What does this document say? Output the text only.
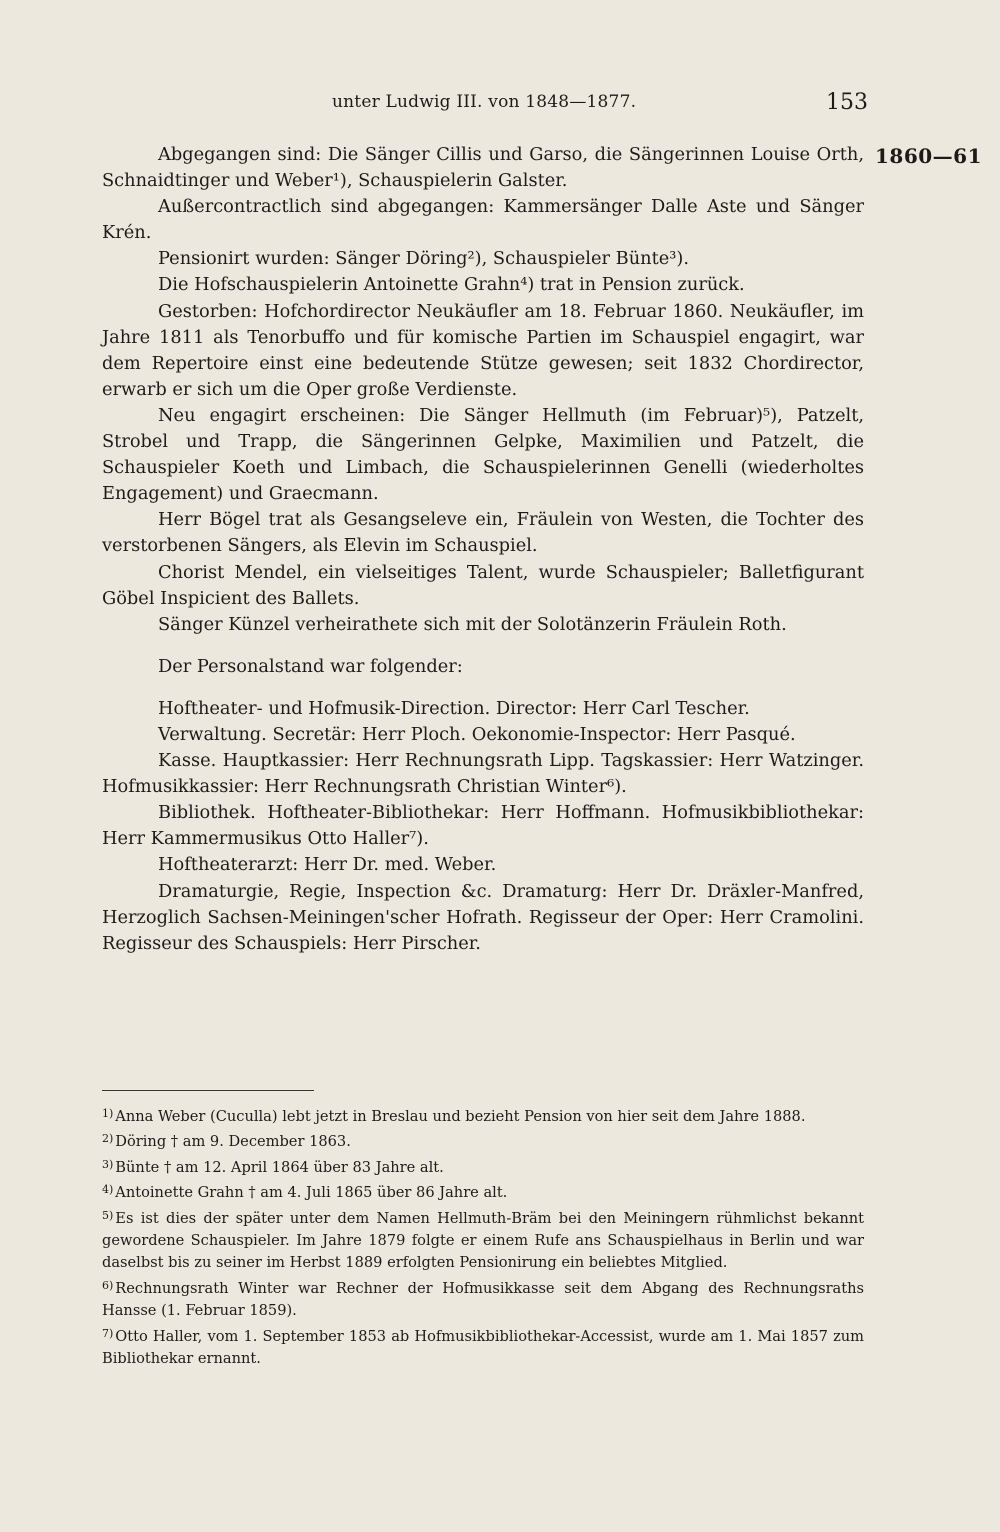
unter Ludwig III. von 1848—1877.	153
1860—61

Abgegangen sind: Die Sänger Cillis und Garso, die Sängerinnen Louise Orth, Schnaidtinger und Weber¹), Schauspielerin Galster.

Außercontractlich sind abgegangen: Kammersänger Dalle Aste und Sänger Krén.

Pensionirt wurden: Sänger Döring²), Schauspieler Bünte³).

Die Hofschauspielerin Antoinette Grahn⁴) trat in Pension zurück.

Gestorben: Hofchordirector Neukäufler am 18. Februar 1860. Neukäufler, im Jahre 1811 als Tenorbuffo und für komische Partien im Schauspiel engagirt, war dem Repertoire einst eine bedeutende Stütze gewesen; seit 1832 Chordirector, erwarb er sich um die Oper große Verdienste.

Neu engagirt erscheinen: Die Sänger Hellmuth (im Februar)⁵), Patzelt, Strobel und Trapp, die Sängerinnen Gelpke, Maximilien und Patzelt, die Schauspieler Koeth und Limbach, die Schauspielerinnen Genelli (wiederholtes Engagement) und Graecmann.

Herr Bögel trat als Gesangseleve ein, Fräulein von Westen, die Tochter des verstorbenen Sängers, als Elevin im Schauspiel.

Chorist Mendel, ein vielseitiges Talent, wurde Schauspieler; Balletfigurant Göbel Inspicient des Ballets.

Sänger Künzel verheirathete sich mit der Solotänzerin Fräulein Roth.

Der Personalstand war folgender:

Hoftheater- und Hofmusik-Direction. Director: Herr Carl Tescher.

Verwaltung. Secretär: Herr Ploch. Oekonomie-Inspector: Herr Pasqué.

Kasse. Hauptkassier: Herr Rechnungsrath Lipp. Tagskassier: Herr Watzinger. Hofmusikkassier: Herr Rechnungsrath Christian Winter⁶).

Bibliothek. Hoftheater-Bibliothekar: Herr Hoffmann. Hofmusikbibliothekar: Herr Kammermusikus Otto Haller⁷).

Hoftheaterarzt: Herr Dr. med. Weber.

Dramaturgie, Regie, Inspection &c. Dramaturg: Herr Dr. Dräxler-Manfred, Herzoglich Sachsen-Meiningen'scher Hofrath. Regisseur der Oper: Herr Cramolini. Regisseur des Schauspiels: Herr Pirscher.

$^{1)}$ Anna Weber (Cuculla) lebt jetzt in Breslau und bezieht Pension von hier seit dem Jahre 1888.

$^{2)}$ Döring † am 9. December 1863.

$^{3)}$ Bünte † am 12. April 1864 über 83 Jahre alt.

$^{4)}$ Antoinette Grahn † am 4. Juli 1865 über 86 Jahre alt.

$^{5)}$ Es ist dies der später unter dem Namen Hellmuth-Bräm bei den Meiningern rühmlichst bekannt gewordene Schauspieler. Im Jahre 1879 folgte er einem Rufe ans Schauspielhaus in Berlin und war daselbst bis zu seiner im Herbst 1889 erfolgten Pensionirung ein beliebtes Mitglied.

$^{6)}$ Rechnungsrath Winter war Rechner der Hofmusikkasse seit dem Abgang des Rechnungsraths Hansse (1. Februar 1859).

$^{7)}$ Otto Haller, vom 1. September 1853 ab Hofmusikbibliothekar-Accessist, wurde am 1. Mai 1857 zum Bibliothekar ernannt.
